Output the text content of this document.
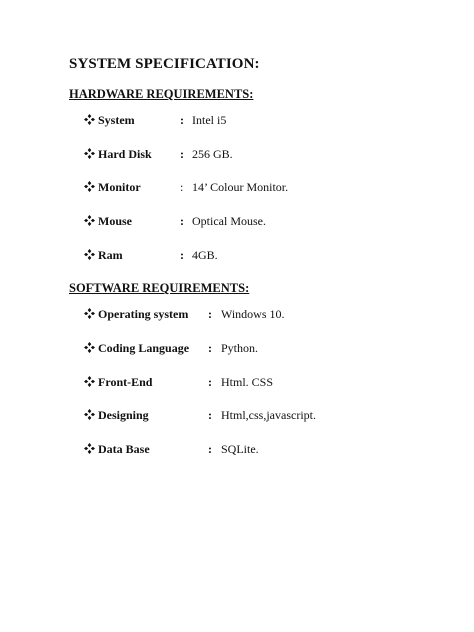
SYSTEM SPECIFICATION:
HARDWARE REQUIREMENTS:
System	: Intel i5
Hard Disk : 256 GB.
Monitor	: 14’ Colour Monitor.
Mouse	: Optical Mouse.
Ram	: 4GB.
SOFTWARE REQUIREMENTS:
Operating system : Windows 10.
Coding Language : Python.
Front-End	: Html. CSS
Designing	: Html,css,javascript.
Data Base	: SQLite.
